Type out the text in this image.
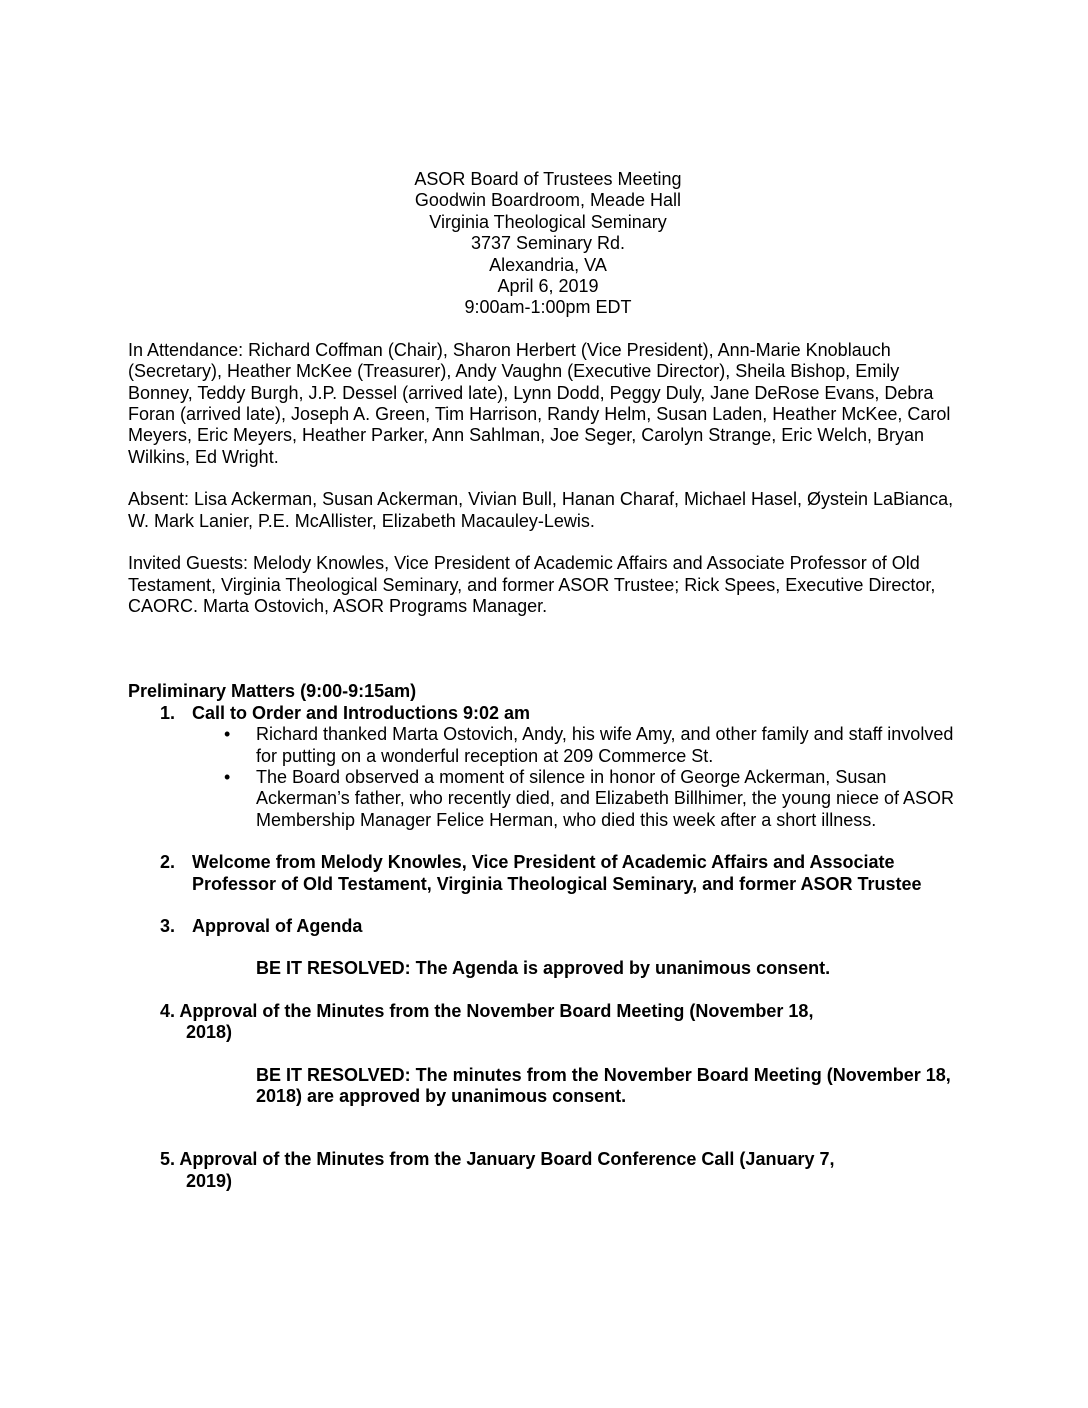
ASOR Board of Trustees Meeting
Goodwin Boardroom, Meade Hall
Virginia Theological Seminary
3737 Seminary Rd.
Alexandria, VA
April 6, 2019
9:00am-1:00pm EDT

In Attendance: Richard Coffman (Chair), Sharon Herbert (Vice President), Ann-Marie Knoblauch (Secretary), Heather McKee (Treasurer), Andy Vaughn (Executive Director), Sheila Bishop, Emily Bonney, Teddy Burgh, J.P. Dessel (arrived late), Lynn Dodd, Peggy Duly, Jane DeRose Evans, Debra Foran (arrived late), Joseph A. Green, Tim Harrison, Randy Helm, Susan Laden, Heather McKee, Carol Meyers, Eric Meyers, Heather Parker, Ann Sahlman, Joe Seger, Carolyn Strange, Eric Welch, Bryan Wilkins, Ed Wright.

Absent: Lisa Ackerman, Susan Ackerman, Vivian Bull, Hanan Charaf, Michael Hasel, Øystein LaBianca, W. Mark Lanier, P.E. McAllister, Elizabeth Macauley-Lewis.

Invited Guests: Melody Knowles, Vice President of Academic Affairs and Associate Professor of Old Testament, Virginia Theological Seminary, and former ASOR Trustee; Rick Spees, Executive Director, CAORC. Marta Ostovich, ASOR Programs Manager.

Preliminary Matters (9:00-9:15am)

1. Call to Order and Introductions 9:02 am
• Richard thanked Marta Ostovich, Andy, his wife Amy, and other family and staff involved for putting on a wonderful reception at 209 Commerce St.
• The Board observed a moment of silence in honor of George Ackerman, Susan Ackerman’s father, who recently died, and Elizabeth Billhimer, the young niece of ASOR Membership Manager Felice Herman, who died this week after a short illness.
2. Welcome from Melody Knowles, Vice President of Academic Affairs and Associate Professor of Old Testament, Virginia Theological Seminary, and former ASOR Trustee
3. Approval of Agenda

BE IT RESOLVED: The Agenda is approved by unanimous consent.

4. Approval of the Minutes from the November Board Meeting (November 18,
2018)

BE IT RESOLVED: The minutes from the November Board Meeting (November 18, 2018) are approved by unanimous consent.

5. Approval of the Minutes from the January Board Conference Call (January 7,
2019)
